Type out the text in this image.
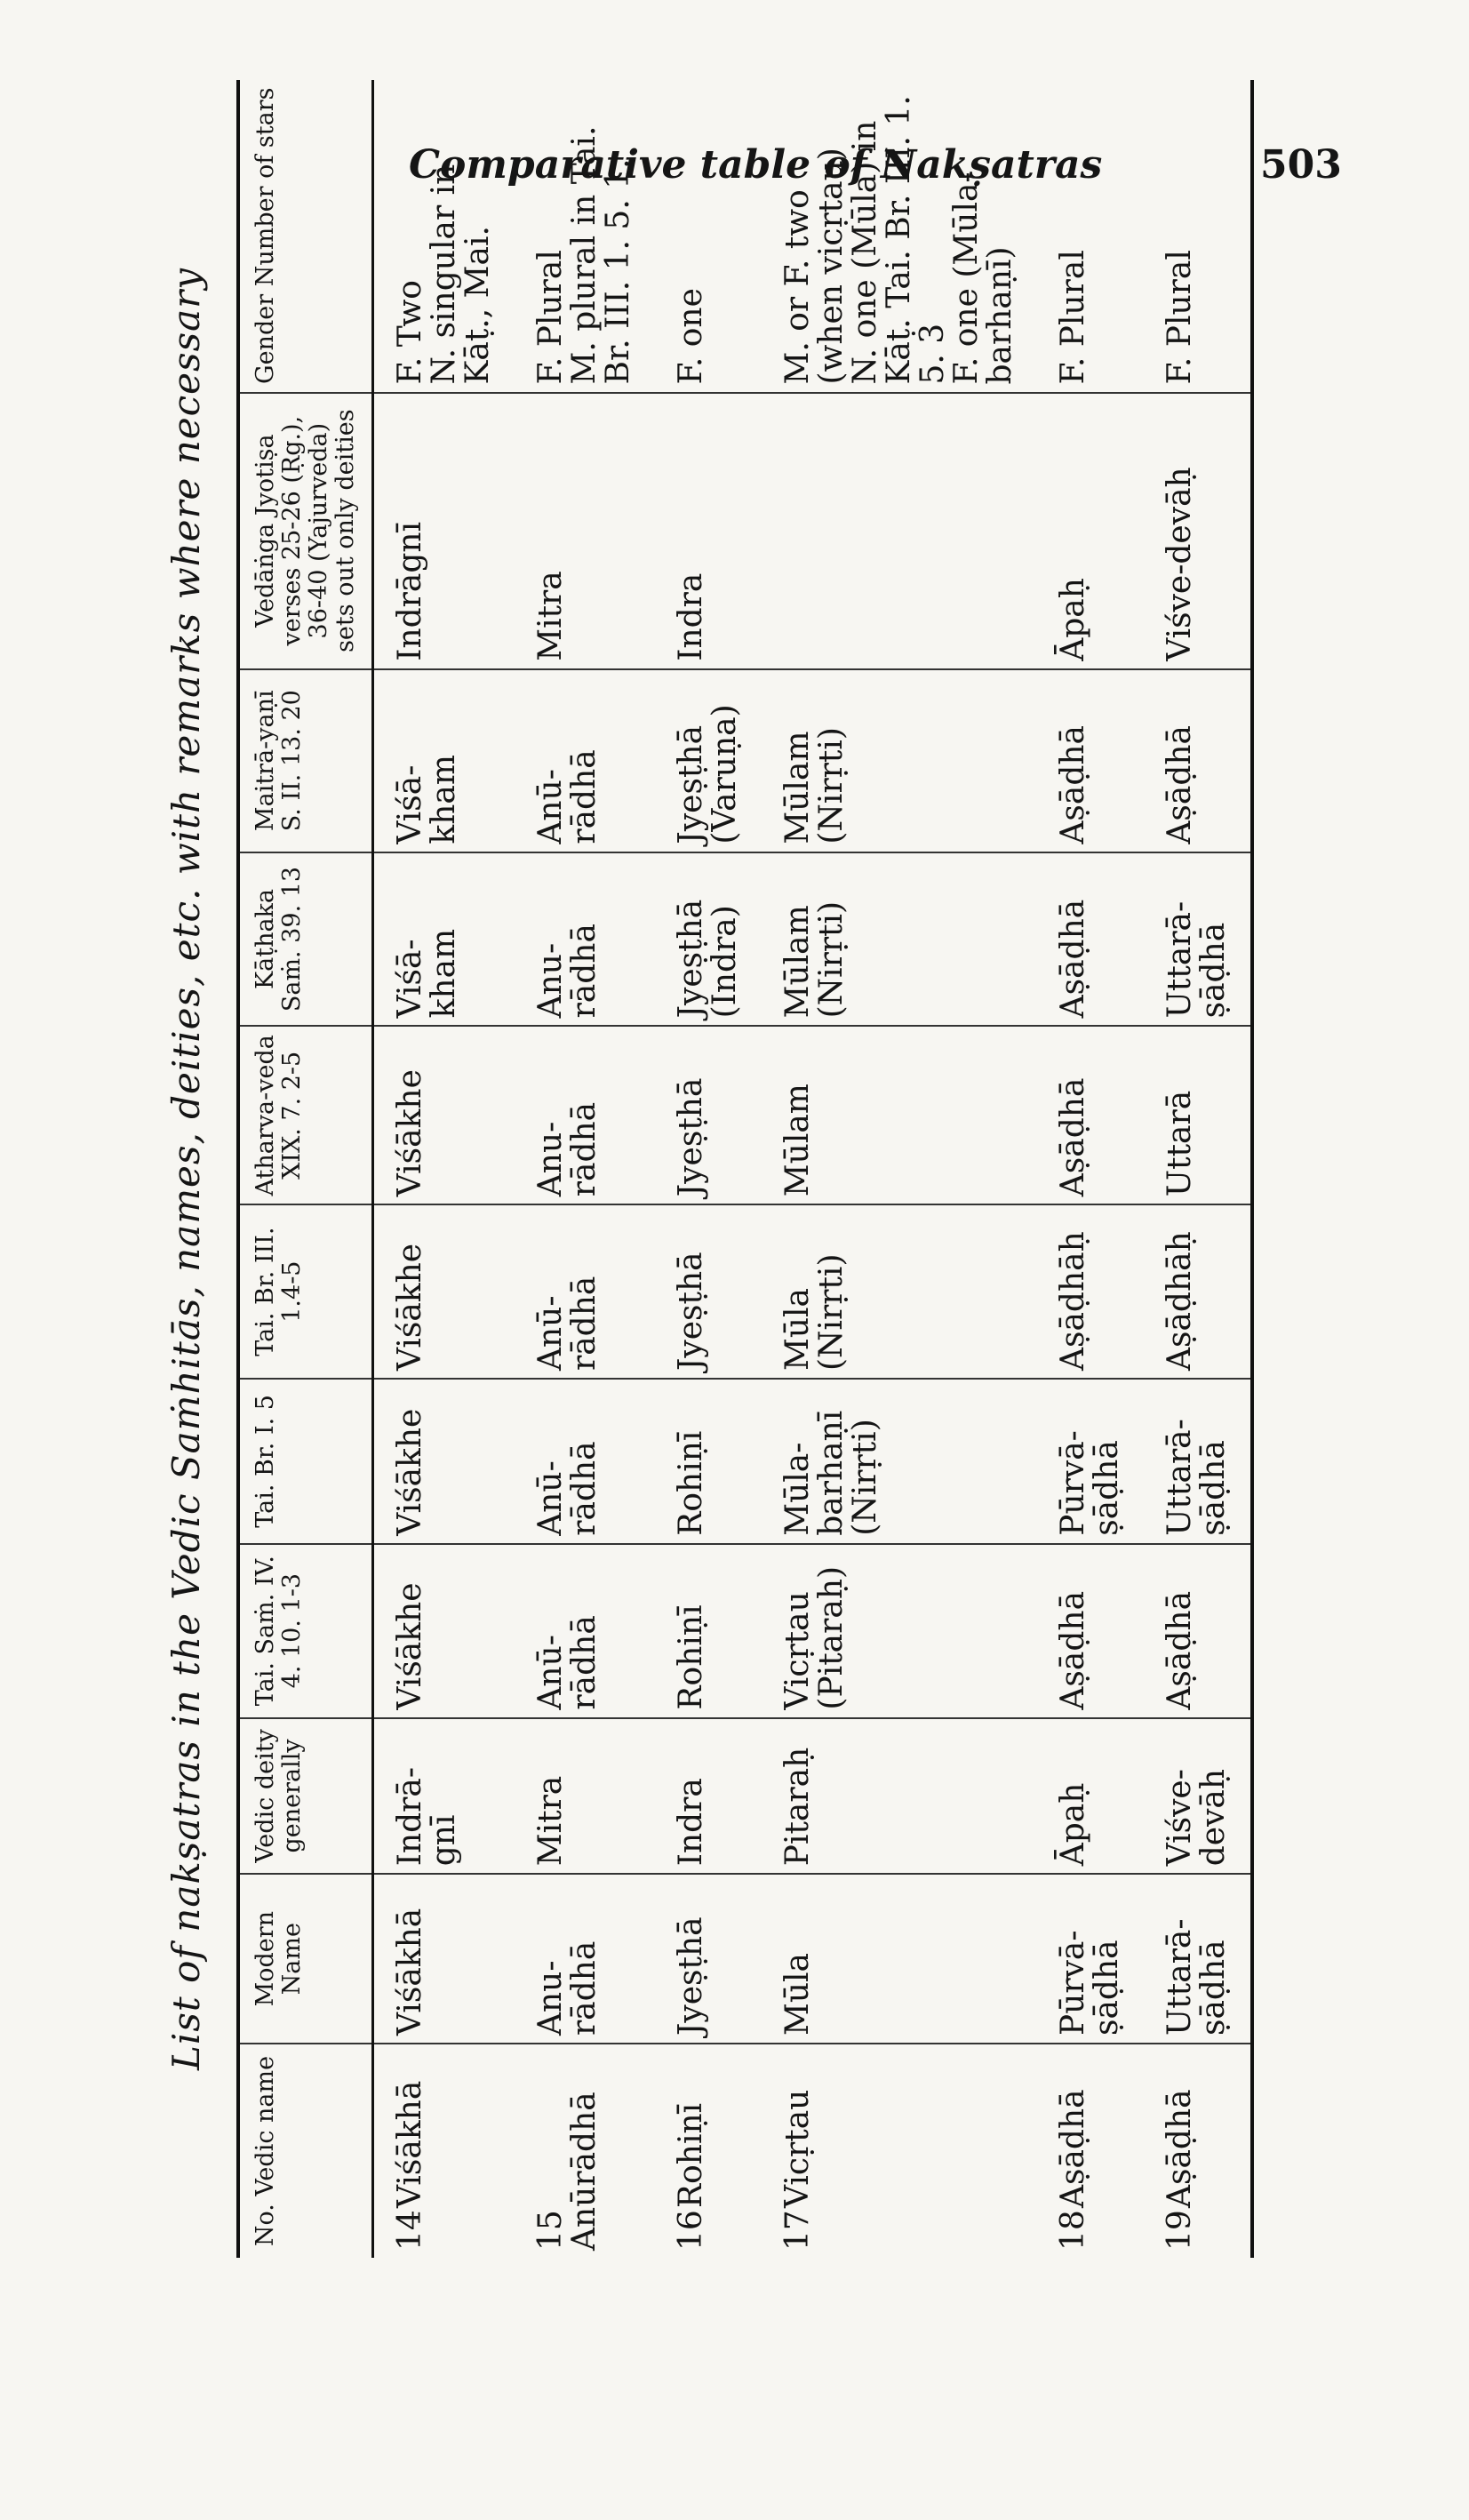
Comparative table of Nakṣatras	503
List of nakṣatras in the Vedic Saṁhitās, names, deities, etc. with remarks where necessary
No. Vedic name	Modern Name	Vedic deity generally	Tai. Saṁ. IV. 4. 10. 1-3	Tai. Br. I. 5	Tai. Br. III. 1.4-5	Atharva-veda XIX. 7. 2-5	Kāṭhaka Saṁ. 39. 13	Maitrā-yaṇī S. II. 13. 20	Vedāṅga Jyotiṣa verses 25-26 (Ṛg.), 36-40 (Yajurveda) sets out only deities	Gender Number of stars
14Viśākhā	Viśākhā	Indrā-gnī	Viśākhe	Viśākhe	Viśākhe	Viśākhe	Viśā-kham	Viśā-kham	Indrāgnī	F. Two
N. singular in Kāṭ., Mai.

15Anūrādhā	Anu-rādhā	Mitra	Anū-rādhā	Anū-rādhā	Anū-rādhā	Anu-rādhā	Anu-rādhā	Anū-rādhā	Mitra	F. Plural
M. plural in Tai. Br. III. 1. 5. 1.

16Rohiṇī	Jyeṣṭhā	Indra	Rohiṇī	Rohiṇī	Jyeṣṭhā	Jyeṣṭhā	Jyeṣṭhā (Indra)	Jyeṣṭhā (Varuṇa)	Indra	F. one

17Vicṛtau	Mūla	Pitaraḥ	Vicṛtau (Pitaraḥ)	Mūla-barhaṇī (Nirṛti)	Mūla (Nirṛti)	Mūlam	Mūlam (Nirṛti)	Mūlam (Nirṛti)		M. or F. two (when vicṛtau)
N. one (Mūla) in Kāṭ. Tai. Br. III. 1. 5. 3
F. one (Mūla-barhaṇī)

18Aṣāḍhā	Pūrvā-ṣāḍhā	Āpaḥ	Aṣāḍhā	Pūrvā-ṣāḍhā	Aṣāḍhāḥ	Aṣāḍhā	Aṣāḍhā	Aṣāḍhā	Āpaḥ	F. Plural

19Aṣāḍhā	Uttarā-ṣāḍhā	Viśve-devāḥ	Aṣāḍhā	Uttarā-ṣāḍhā	Aṣāḍhāḥ	Uttarā	Uttarā-ṣāḍhā	Aṣāḍhā	Viśve-devāḥ	F. Plural
